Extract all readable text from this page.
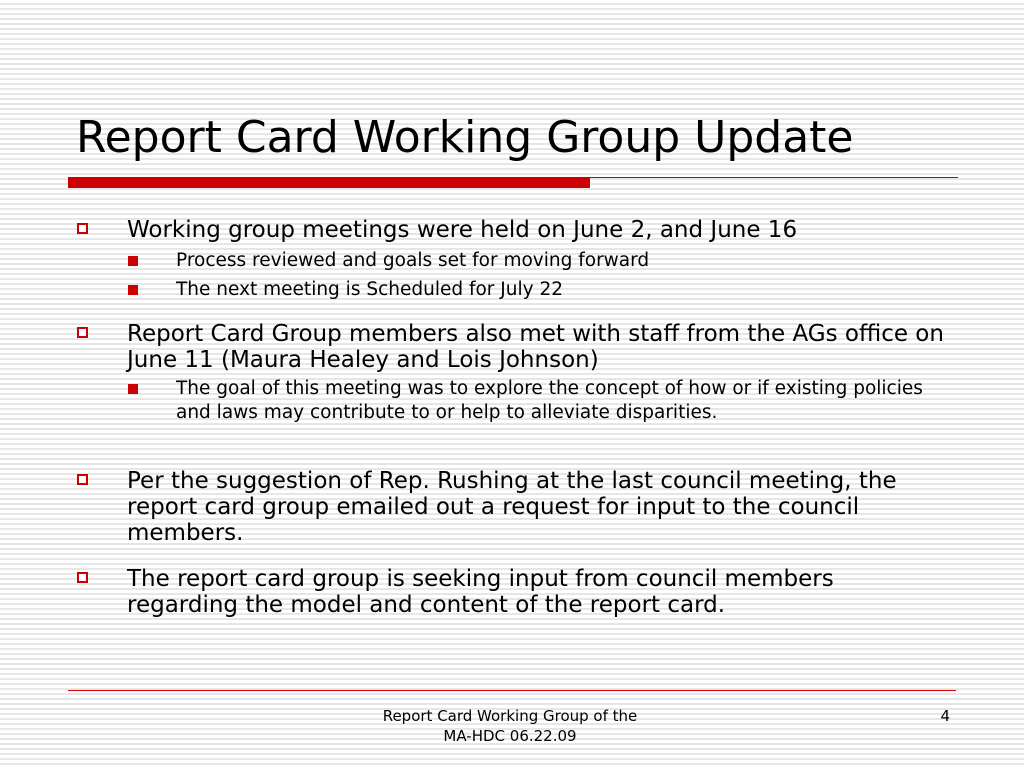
Report Card Working Group Update
Working group meetings were held on June 2, and June 16
Process reviewed and goals set for moving forward
The next meeting is Scheduled for July 22
Report Card Group members also met with staff from the AGs office on June 11 (Maura Healey and Lois Johnson)
The goal of this meeting was to explore the concept of how or if existing policies and laws may contribute to or help to alleviate disparities.
Per the suggestion of Rep. Rushing at the last council meeting, the report card group emailed out a request for input to the council members.
The report card group is seeking input from council members regarding the model and content of the report card.
Report Card Working Group of the
MA-HDC 06.22.09
4
